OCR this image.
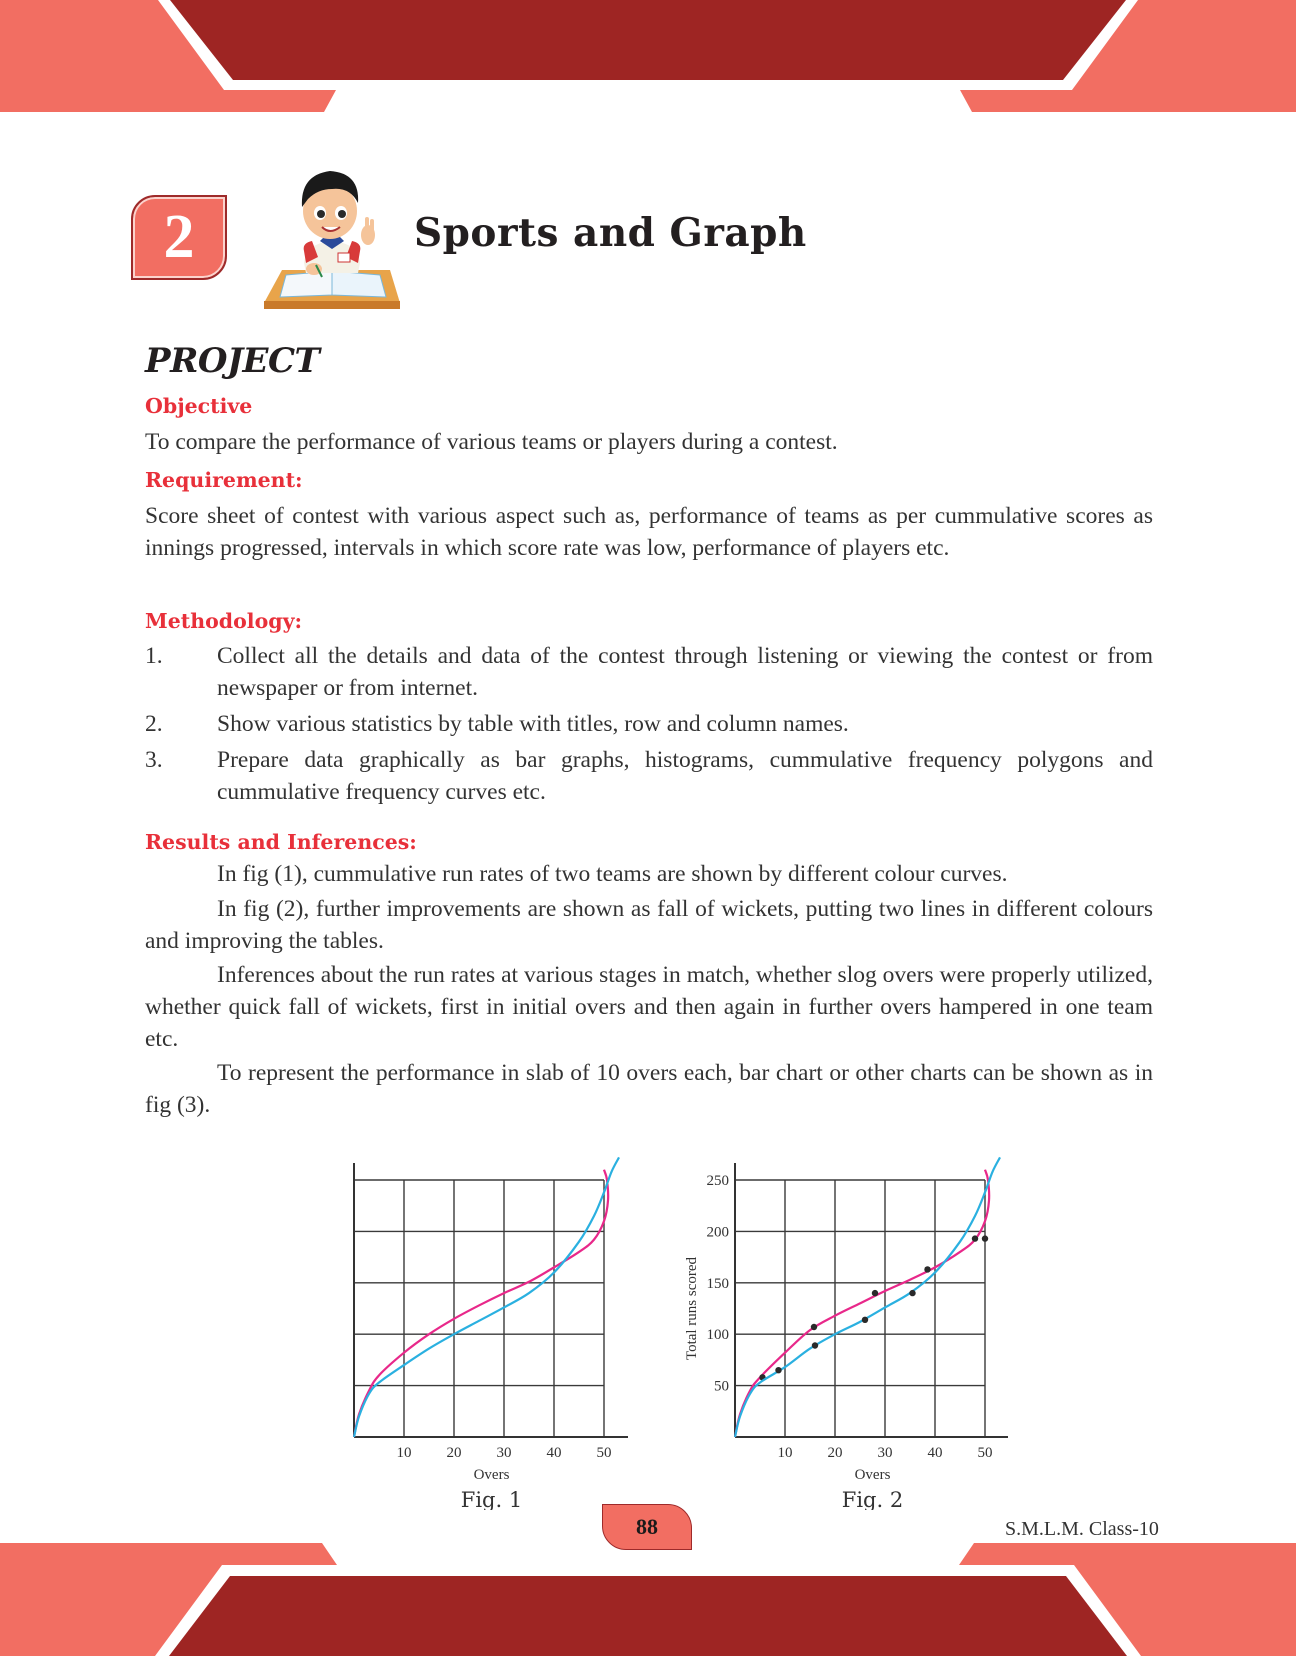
2	Sports and Graph
PROJECT
Objective
To compare the performance of various teams or players during a contest.
Requirement:
Score sheet of contest with various aspect such as, performance of teams as per cummulative scores as innings progressed, intervals in which score rate was low, performance of players etc.
Methodology:
1.	Collect all the details and data of the contest through listening or viewing the contest or from newspaper or from internet.
2.	Show various statistics by table with titles, row and column names.
3.	Prepare data graphically as bar graphs, histograms, cummulative frequency polygons and cummulative frequency curves etc.
Results and Inferences:
In fig (1), cummulative run rates of two teams are shown by different colour curves.
In fig (2), further improvements are shown as fall of wickets, putting two lines in different colours and improving the tables.
Inferences about the run rates at various stages in match, whether slog overs were properly utilized, whether quick fall of wickets, first in initial overs and then again in further overs hampered in one team etc.
To represent the performance in slab of 10 overs each, bar chart or other charts can be shown as in fig (3).
10 20 30 40 50
Overs
Fig. 1
10 20 30 40 50
50
100
150
200
250
Overs
Total runs scored
Fig. 2
88	S.M.L.M. Class-10
